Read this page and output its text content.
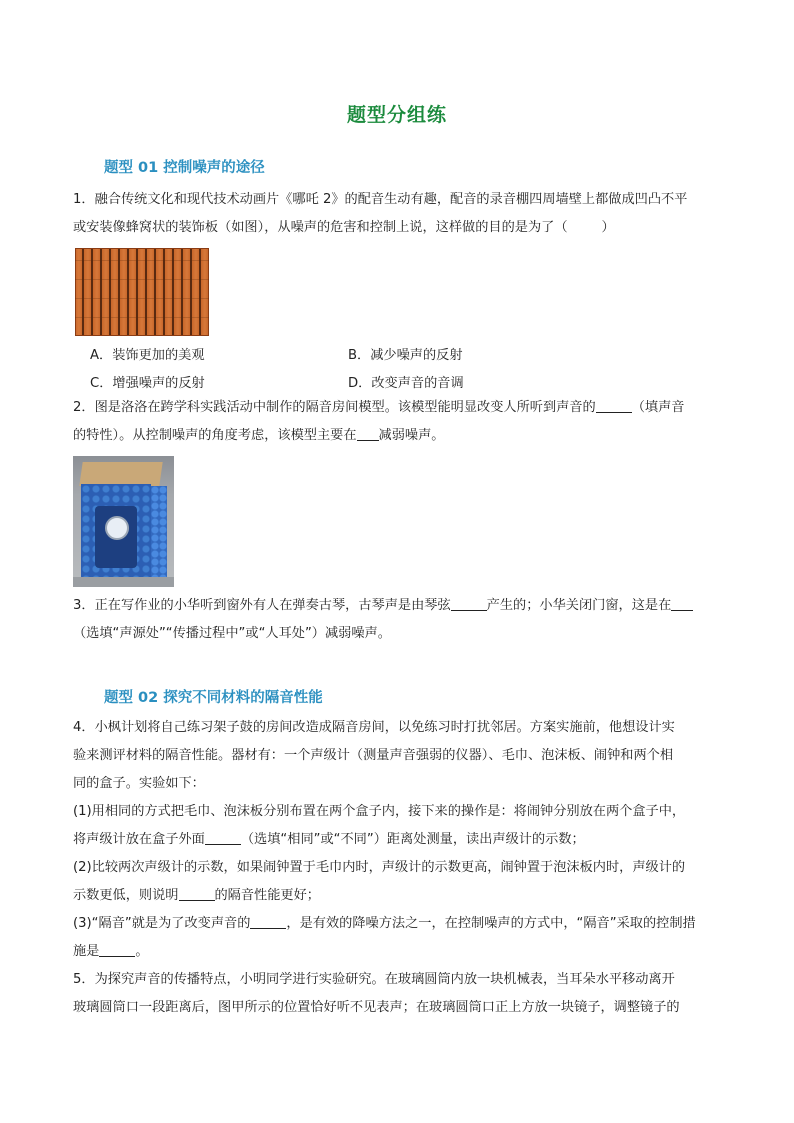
题型分组练
题型 01 控制噪声的途径
1．融合传统文化和现代技术动画片《哪吒 2》的配音生动有趣，配音的录音棚四周墙壁上都做成凹凸不平
或安装像蜂窝状的装饰板（如图），从噪声的危害和控制上说，这样做的目的是为了（	）
A．装饰更加的美观	B．减少噪声的反射
C．增强噪声的反射	D．改变声音的音调
2．图是洛洛在跨学科实践活动中制作的隔音房间模型。该模型能明显改变人所听到声音的	（填声音
的特性）。从控制噪声的角度考虑，该模型主要在 减弱噪声。
3．正在写作业的小华听到窗外有人在弹奏古琴，古琴声是由琴弦	产生的；小华关闭门窗，这是在
（选填“声源处”“传播过程中”或“人耳处”）减弱噪声。
题型 02 探究不同材料的隔音性能
4．小枫计划将自己练习架子鼓的房间改造成隔音房间，以免练习时打扰邻居。方案实施前，他想设计实
验来测评材料的隔音性能。器材有：一个声级计（测量声音强弱的仪器）、毛巾、泡沫板、闹钟和两个相
同的盒子。实验如下：
(1)用相同的方式把毛巾、泡沫板分别布置在两个盒子内，接下来的操作是：将闹钟分别放在两个盒子中，
将声级计放在盒子外面	（选填“相同”或“不同”）距离处测量，读出声级计的示数；
(2)比较两次声级计的示数，如果闹钟置于毛巾内时，声级计的示数更高，闹钟置于泡沫板内时，声级计的
示数更低，则说明	的隔音性能更好；
(3)“隔音”就是为了改变声音的	，是有效的降噪方法之一，在控制噪声的方式中，“隔音”采取的控制措
施是	。
5．为探究声音的传播特点，小明同学进行实验研究。在玻璃圆筒内放一块机械表，当耳朵水平移动离开
玻璃圆筒口一段距离后，图甲所示的位置恰好听不见表声；在玻璃圆筒口正上方放一块镜子，调整镜子的
